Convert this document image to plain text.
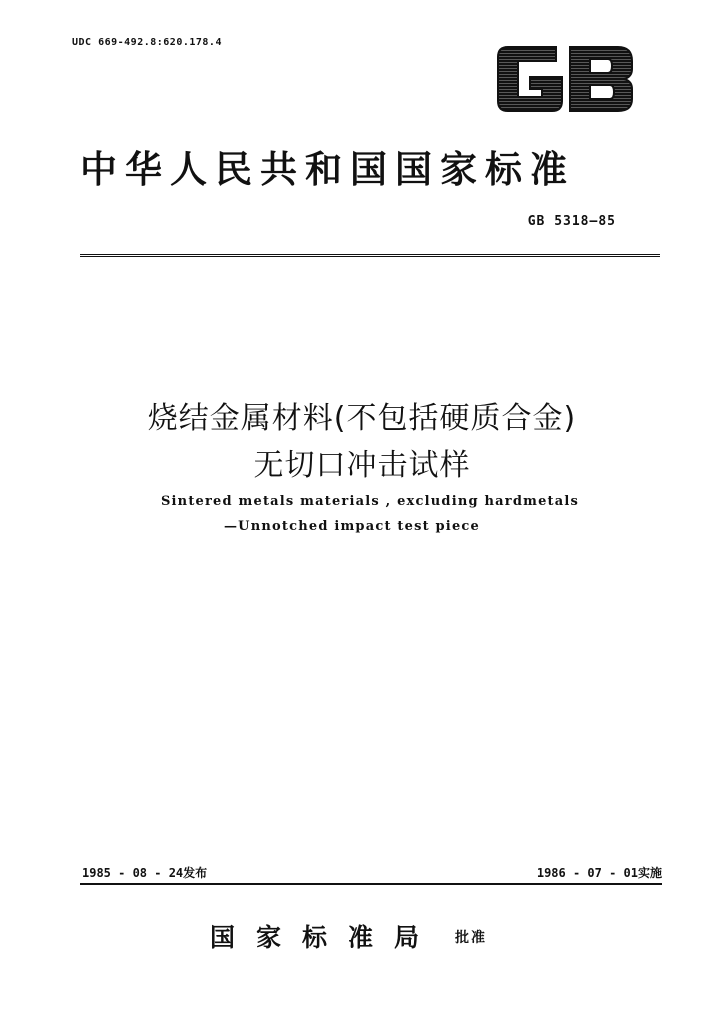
UDC 669-492.8:620.178.4
中华人民共和国国家标准
GB 5318—85
烧结金属材料(不包括硬质合金)
无切口冲击试样
Sintered metals materials , excluding hardmetals
—Unnotched impact test piece
1985 - 08 - 24发布	1986 - 07 - 01实施
国家标准局 批准
